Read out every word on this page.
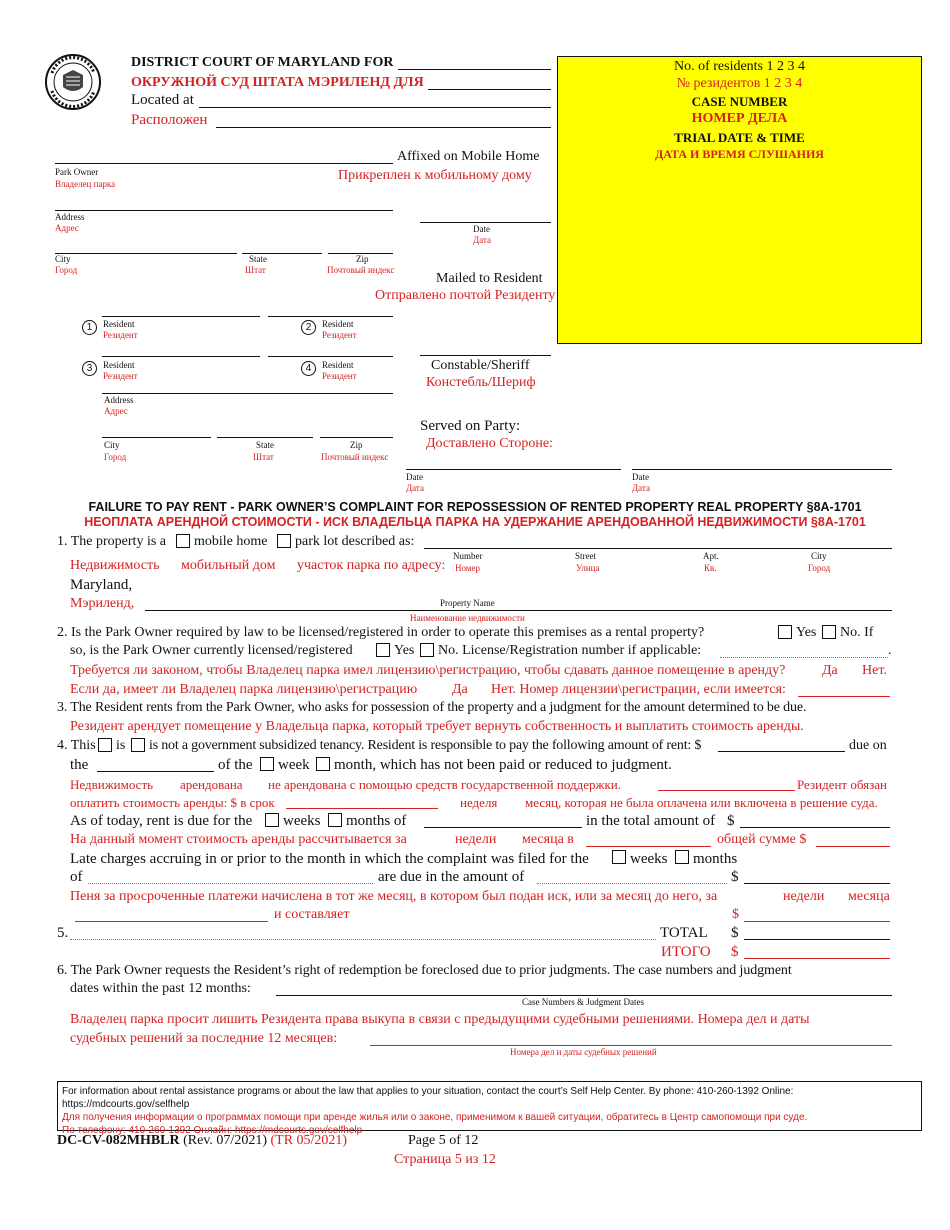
DISTRICT COURT OF MARYLAND FOR
ОКРУЖНОЙ СУД ШТАТА МЭРИЛЕНД ДЛЯ
Located at
Расположен
No. of residents 1 2 3 4
№ резидентов 1 2 3 4
CASE NUMBER
НОМЕР ДЕЛА
TRIAL DATE & TIME
ДАТА И ВРЕМЯ СЛУШАНИЯ
Affixed on Mobile Home
Прикреплен к мобильному дому
Park Owner
Владелец парка
Address
Адрес	Date
Дата
City
Город
State
Штат
Zip
Почтовый индекс
Mailed to Resident
Отправлено почтой Резиденту
1	Resident
Резидент
2	Resident
Резидент
3	Resident
Резидент
4	Resident
Резидент
Constable/Sheriff
Констебль/Шериф
Address
Адрес
Served on Party:
Доставлено Стороне:
City
Город
State
Штат
Zip
Почтовый индекс
Date
Дата
Date
Дата
FAILURE TO PAY RENT - PARK OWNER’S COMPLAINT FOR REPOSSESSION OF RENTED PROPERTY REAL PROPERTY §8A-1701
НЕОПЛАТА АРЕНДНОЙ СТОИМОСТИ - ИСК ВЛАДЕЛЬЦА ПАРКА НА УДЕРЖАНИЕ АРЕНДОВАННОЙ НЕДВИЖИМОСТИ §8A-1701
1. The property is a mobile home park lot described as:
Number
Номер
Street
Улица
Apt.
Кв.
City
Город
Недвижимость мобильный дом участок парка по адресу:
Maryland,
Мэриленд,	Property Name
Наименование недвижимости
2. Is the Park Owner required by law to be licensed/registered in order to operate this premises as a rental property?	Yes No. If
so, is the Park Owner currently licensed/registered	Yes No. License/Registration number if applicable:	.
Требуется ли законом, чтобы Владелец парка имел лицензию\регистрацию, чтобы сдавать данное помещение в аренду?	Да Нет.
Если да, имеет ли Владелец парка лицензию\регистрацию Да Нет. Номер лицензии\регистрации, если имеется:
3. The Resident rents from the Park Owner, who asks for possession of the property and a judgment for the amount determined to be due.
Резидент арендует помещение у Владельца парка, который требует вернуть собственность и выплатить стоимость аренды.
4. This is is not a government subsidized tenancy. Resident is responsible to pay the following amount of rent: $	due on
the	of the week month, which has not been paid or reduced to judgment.
Недвижимость арендована не арендована с помощью средств государственной поддержки.	Резидент обязан
оплатить стоимость аренды: $ в срок	неделя месяц, которая не была оплачена или включена в решение суда.
As of today, rent is due for the weeks months of	in the total amount of $
На данный момент стоимость аренды рассчитывается за	недели месяца в	общей сумме $
Late charges accruing in or prior to the month in which the complaint was filed for the	weeks months
of	are due in the amount of	$
Пеня за просроченные платежи начислена в тот же месяц, в котором был подан иск, или за месяц до него, за	недели месяца
и составляет	$
5.	TOTAL $
ИТОГО $
6. The Park Owner requests the Resident’s right of redemption be foreclosed due to prior judgments. The case numbers and judgment
dates within the past 12 months:
Case Numbers & Judgment Dates
Владелец парка просит лишить Резидента права выкупа в связи с предыдущими судебными решениями. Номера дел и даты
судебных решений за последние 12 месяцев:
Номера дел и даты судебных решений
For information about rental assistance programs or about the law that applies to your situation, contact the court’s Self Help Center. By phone: 410-260-1392 Online: https://mdcourts.gov/selfhelp
Для получения информации о программах помощи при аренде жилья или о законе, применимом к вашей ситуации, обратитесь в Центр самопомощи при суде.
По телефону: 410-260-1392 Онлайн: https://mdcourts.gov/selfhelp
DC-CV-082MHBLR (Rev. 07/2021) (TR 05/2021)	Page 5 of 12
Страница 5 из 12
